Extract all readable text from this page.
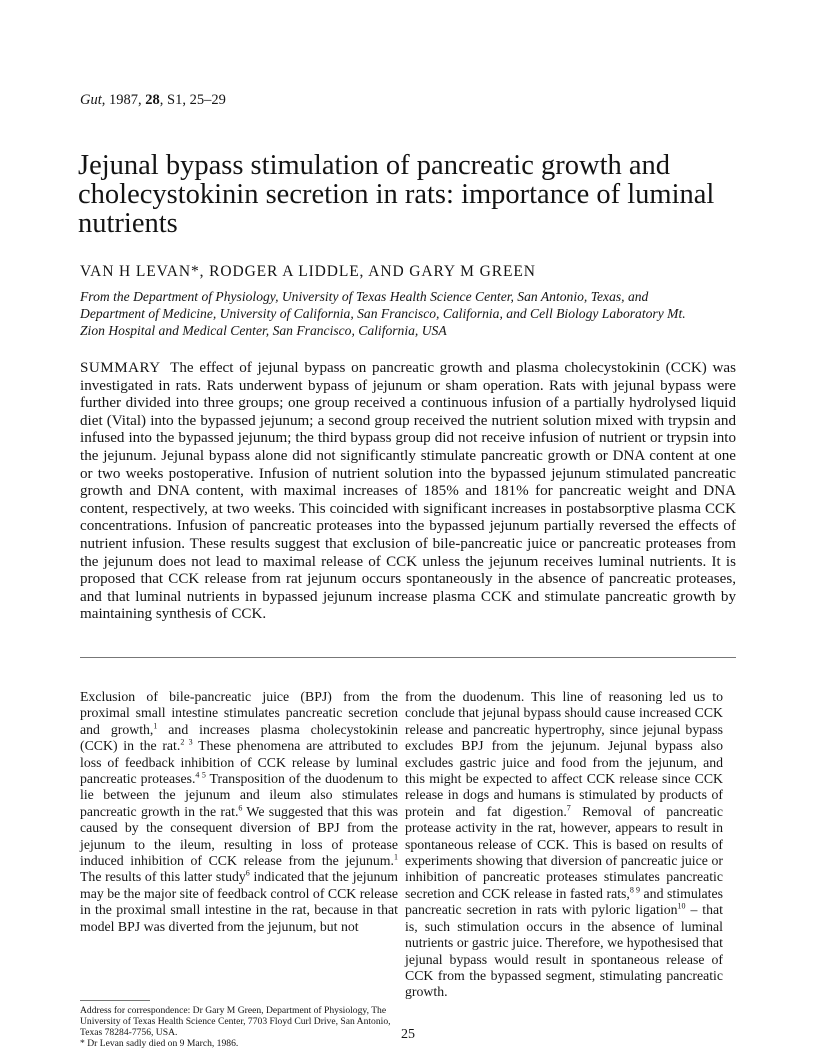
Gut, 1987, 28, S1, 25–29
Jejunal bypass stimulation of pancreatic growth and cholecystokinin secretion in rats: importance of luminal nutrients
VAN H LEVAN*, RODGER A LIDDLE, AND GARY M GREEN
From the Department of Physiology, University of Texas Health Science Center, San Antonio, Texas, and Department of Medicine, University of California, San Francisco, California, and Cell Biology Laboratory Mt. Zion Hospital and Medical Center, San Francisco, California, USA
SUMMARY The effect of jejunal bypass on pancreatic growth and plasma cholecystokinin (CCK) was investigated in rats. Rats underwent bypass of jejunum or sham operation. Rats with jejunal bypass were further divided into three groups; one group received a continuous infusion of a partially hydrolysed liquid diet (Vital) into the bypassed jejunum; a second group received the nutrient solution mixed with trypsin and infused into the bypassed jejunum; the third bypass group did not receive infusion of nutrient or trypsin into the jejunum. Jejunal bypass alone did not significantly stimulate pancreatic growth or DNA content at one or two weeks postoperative. Infusion of nutrient solution into the bypassed jejunum stimulated pancreatic growth and DNA content, with maximal increases of 185% and 181% for pancreatic weight and DNA content, respectively, at two weeks. This coincided with significant increases in postabsorptive plasma CCK concentrations. Infusion of pancreatic proteases into the bypassed jejunum partially reversed the effects of nutrient infusion. These results suggest that exclusion of bile-pancreatic juice or pancreatic proteases from the jejunum does not lead to maximal release of CCK unless the jejunum receives luminal nutrients. It is proposed that CCK release from rat jejunum occurs spontaneously in the absence of pancreatic proteases, and that luminal nutrients in bypassed jejunum increase plasma CCK and stimulate pancreatic growth by maintaining synthesis of CCK.

Exclusion of bile-pancreatic juice (BPJ) from the proximal small intestine stimulates pancreatic secretion and growth,$^1$ and increases plasma cholecystokinin (CCK) in the rat.$^{2 3}$ These phenomena are attributed to loss of feedback inhibition of CCK release by luminal pancreatic proteases.$^{4 5}$ Transposition of the duodenum to lie between the jejunum and ileum also stimulates pancreatic growth in the rat.$^6$ We suggested that this was caused by the consequent diversion of BPJ from the jejunum to the ileum, resulting in loss of protease induced inhibition of CCK release from the jejunum.$^1$ The results of this latter study$^6$ indicated that the jejunum may be the major site of feedback control of CCK release in the proximal small intestine in the rat, because in that model BPJ was diverted from the jejunum, but not

from the duodenum. This line of reasoning led us to conclude that jejunal bypass should cause increased CCK release and pancreatic hypertrophy, since jejunal bypass excludes BPJ from the jejunum. Jejunal bypass also excludes gastric juice and food from the jejunum, and this might be expected to affect CCK release since CCK release in dogs and humans is stimulated by products of protein and fat digestion.$^7$ Removal of pancreatic protease activity in the rat, however, appears to result in spontaneous release of CCK. This is based on results of experiments showing that diversion of pancreatic juice or inhibition of pancreatic proteases stimulates pancreatic secretion and CCK release in fasted rats,$^{8 9}$ and stimulates pancreatic secretion in rats with pyloric ligation$^{10}$ – that is, such stimulation occurs in the absence of luminal nutrients or gastric juice. Therefore, we hypothesised that jejunal bypass would result in spontaneous release of CCK from the bypassed segment, stimulating pancreatic growth.

Address for correspondence: Dr Gary M Green, Department of Physiology, The University of Texas Health Science Center, 7703 Floyd Curl Drive, San Antonio, Texas 78284-7756, USA.
* Dr Levan sadly died on 9 March, 1986.
25
